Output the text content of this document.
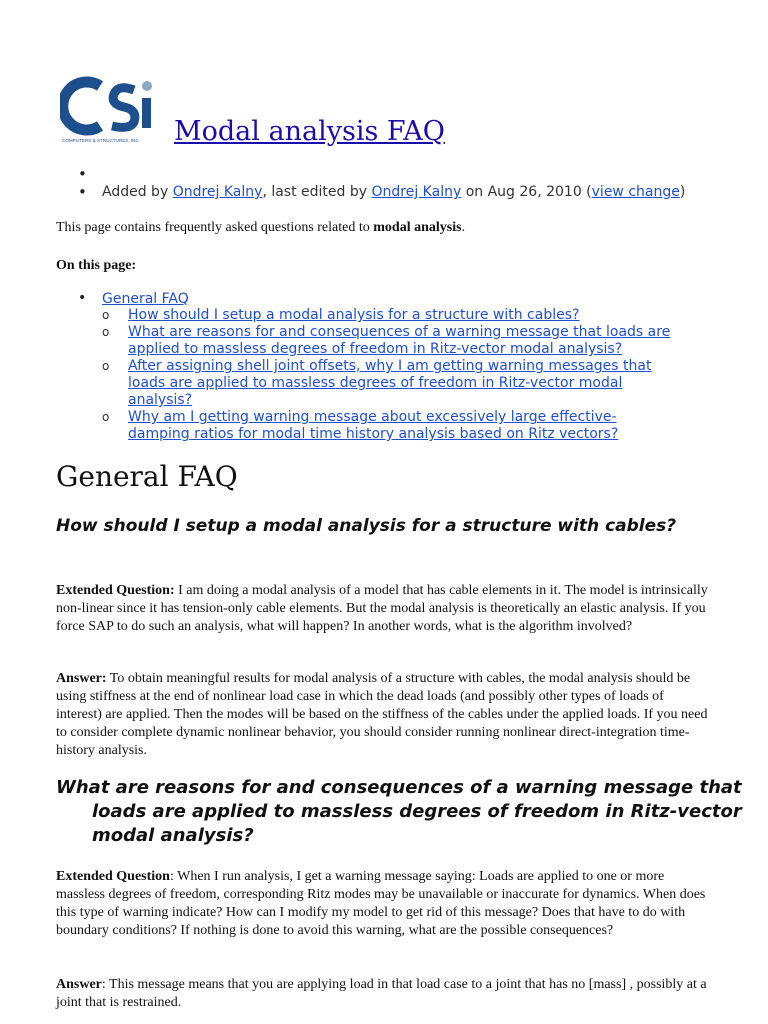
COMPUTERS & STRUCTURES, INC. Modal analysis FAQ
•
• Added by Ondrej Kalny, last edited by Ondrej Kalny on Aug 26, 2010 (view change)

This page contains frequently asked questions related to modal analysis.

On this page:

• General FAQ
o How should I setup a modal analysis for a structure with cables?
o What are reasons for and consequences of a warning message that loads are applied to massless degrees of freedom in Ritz-vector modal analysis?
o After assigning shell joint offsets, why I am getting warning messages that loads are applied to massless degrees of freedom in Ritz-vector modal analysis?
o Why am I getting warning message about excessively large effective-damping ratios for modal time history analysis based on Ritz vectors?
General FAQ
How should I setup a modal analysis for a structure with cables?

Extended Question: I am doing a modal analysis of a model that has cable elements in it. The model is intrinsically non-linear since it has tension-only cable elements. But the modal analysis is theoretically an elastic analysis. If you force SAP to do such an analysis, what will happen? In another words, what is the algorithm involved?

Answer: To obtain meaningful results for modal analysis of a structure with cables, the modal analysis should be using stiffness at the end of nonlinear load case in which the dead loads (and possibly other types of loads of interest) are applied. Then the modes will be based on the stiffness of the cables under the applied loads. If you need to consider complete dynamic nonlinear behavior, you should consider running nonlinear direct-integration time-history analysis.

What are reasons for and consequences of a warning message that loads are applied to massless degrees of freedom in Ritz-vector modal analysis?

Extended Question: When I run analysis, I get a warning message saying: Loads are applied to one or more massless degrees of freedom, corresponding Ritz modes may be unavailable or inaccurate for dynamics. When does this type of warning indicate? How can I modify my model to get rid of this message? Does that have to do with boundary conditions? If nothing is done to avoid this warning, what are the possible consequences?

Answer: This message means that you are applying load in that load case to a joint that has no [mass] , possibly at a joint that is restrained.
